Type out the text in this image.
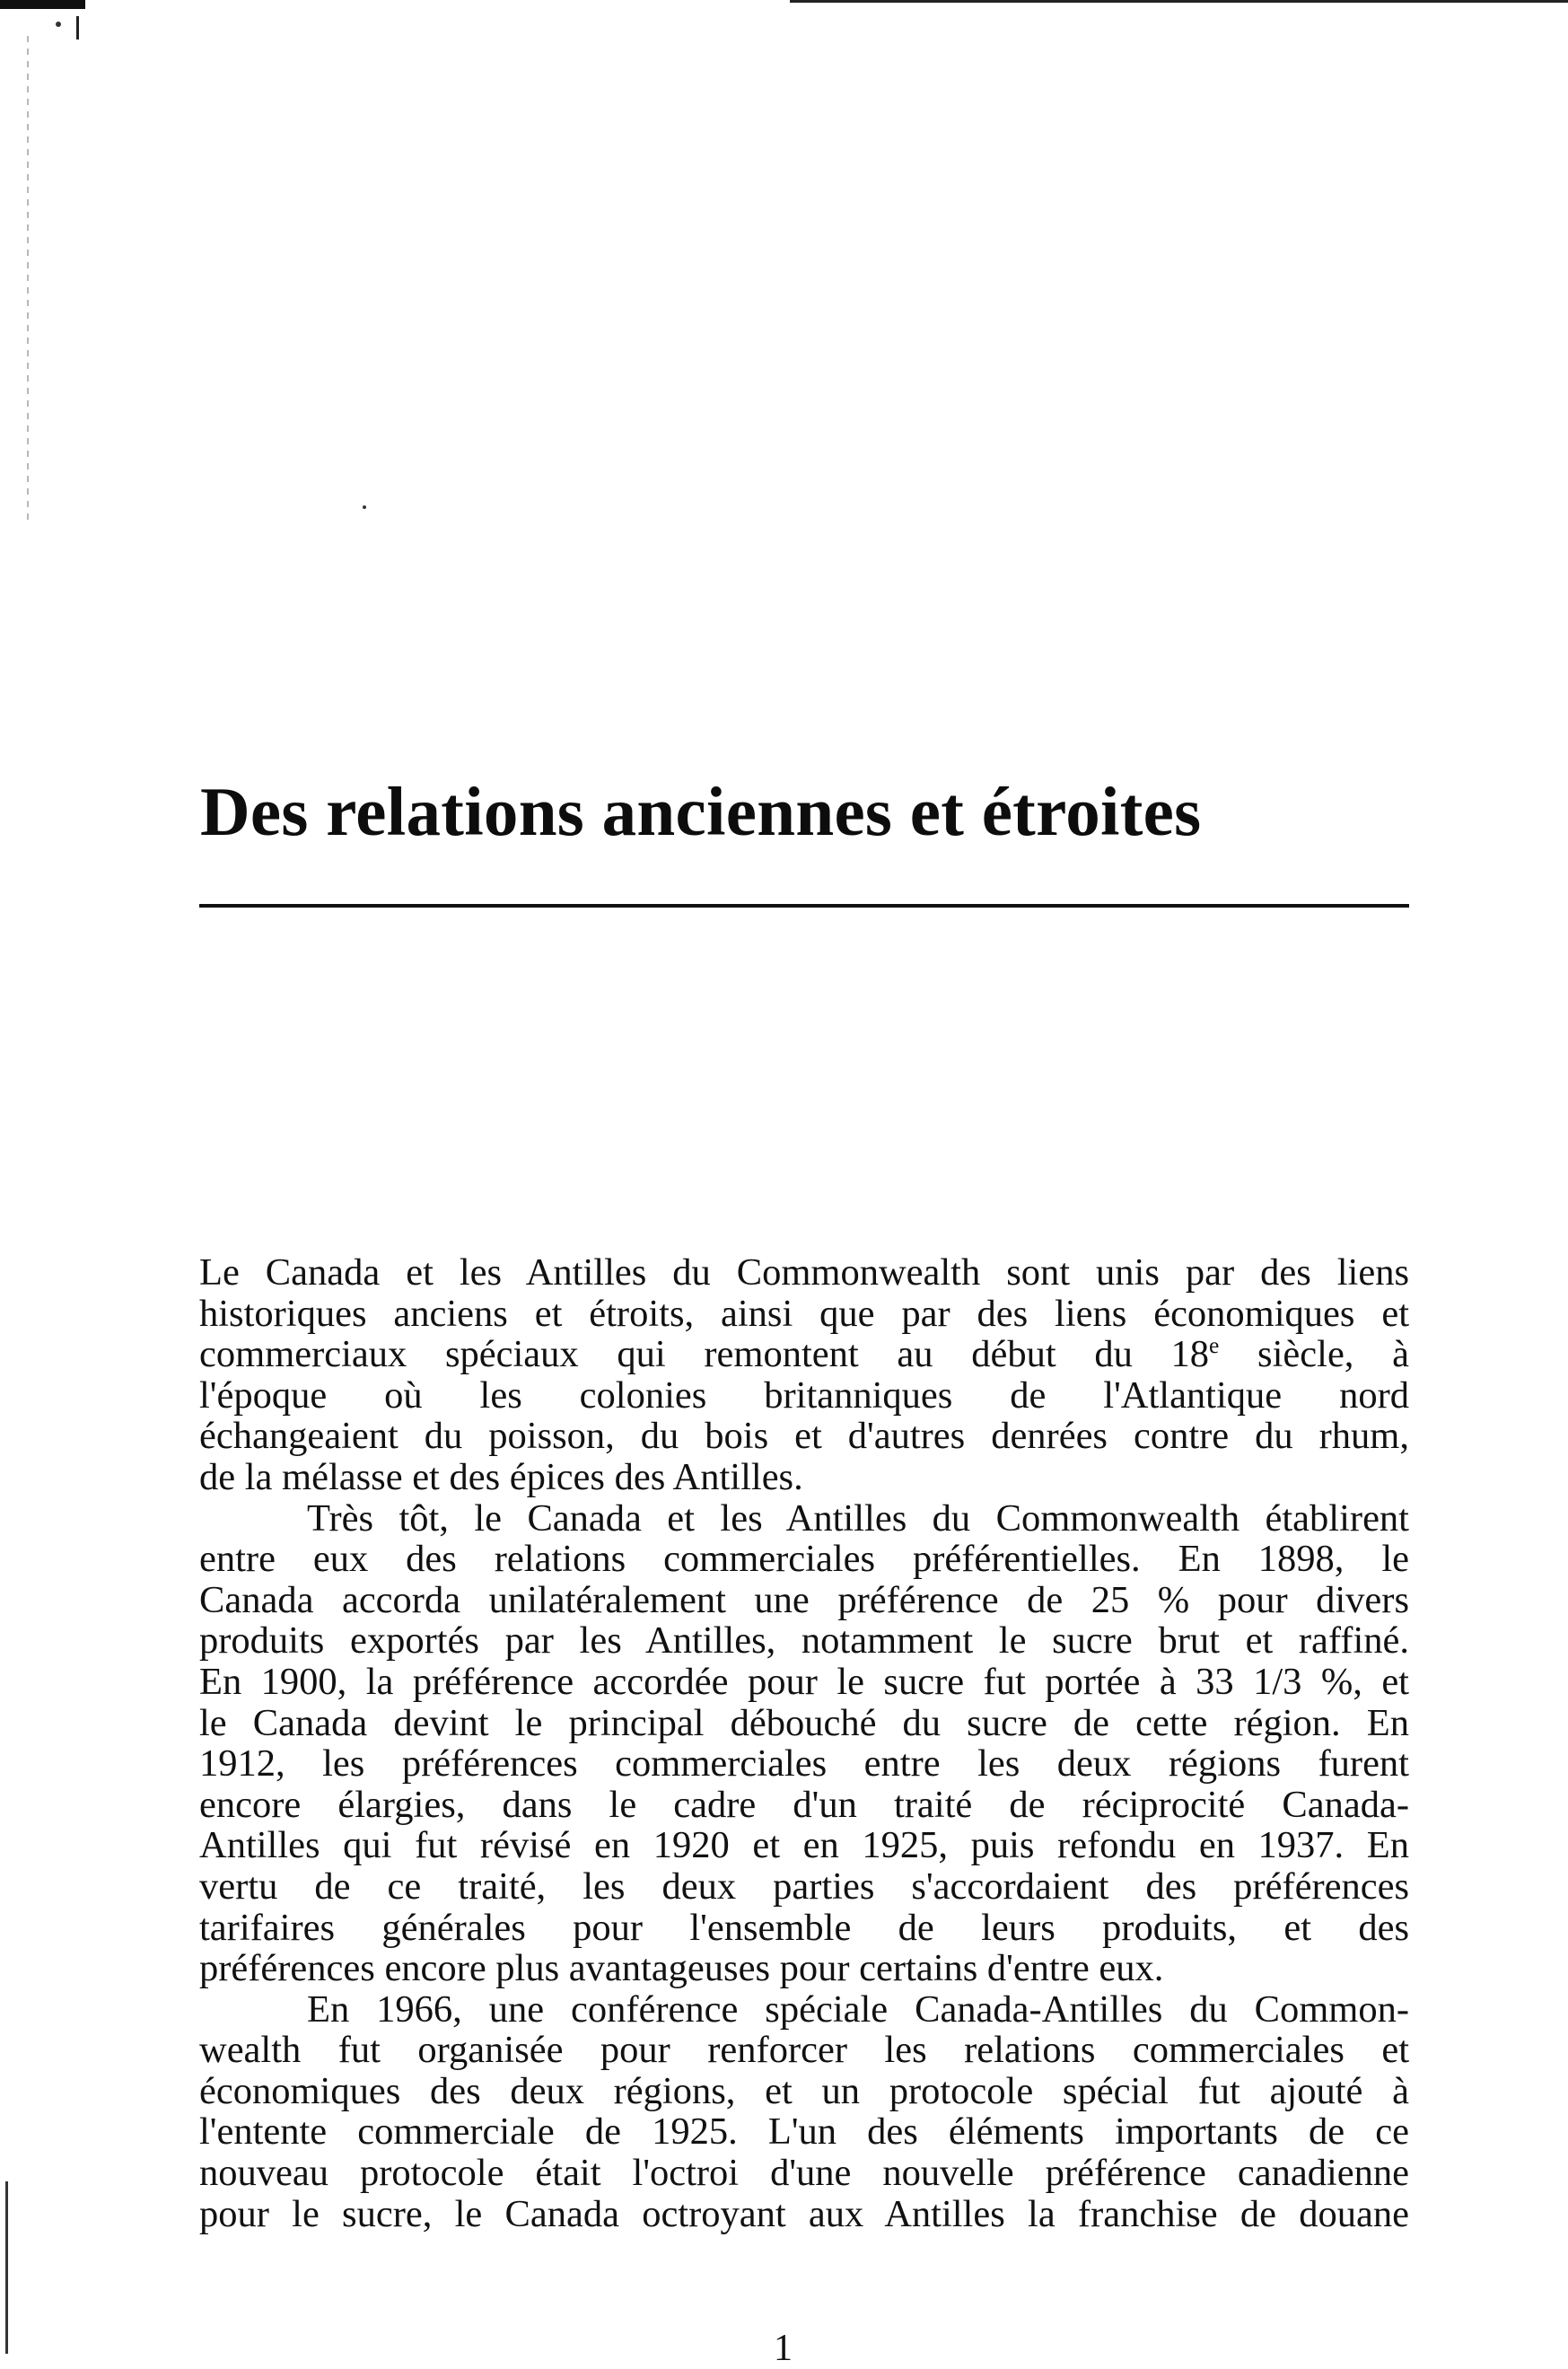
Des relations anciennes et étroites

Le Canada et les Antilles du Commonwealth sont unis par des liens
historiques anciens et étroits, ainsi que par des liens économiques et
commerciaux spéciaux qui remontent au début du 18e siècle, à
l'époque où les colonies britanniques de l'Atlantique nord
échangeaient du poisson, du bois et d'autres denrées contre du rhum,
de la mélasse et des épices des Antilles.

Très tôt, le Canada et les Antilles du Commonwealth établirent
entre eux des relations commerciales préférentielles. En 1898, le
Canada accorda unilatéralement une préférence de 25 % pour divers
produits exportés par les Antilles, notamment le sucre brut et raffiné.
En 1900, la préférence accordée pour le sucre fut portée à 33 1/3 %, et
le Canada devint le principal débouché du sucre de cette région. En
1912, les préférences commerciales entre les deux régions furent
encore élargies, dans le cadre d'un traité de réciprocité Canada-
Antilles qui fut révisé en 1920 et en 1925, puis refondu en 1937. En
vertu de ce traité, les deux parties s'accordaient des préférences
tarifaires générales pour l'ensemble de leurs produits, et des
préférences encore plus avantageuses pour certains d'entre eux.

En 1966, une conférence spéciale Canada-Antilles du Common-
wealth fut organisée pour renforcer les relations commerciales et
économiques des deux régions, et un protocole spécial fut ajouté à
l'entente commerciale de 1925. L'un des éléments importants de ce
nouveau protocole était l'octroi d'une nouvelle préférence canadienne
pour le sucre, le Canada octroyant aux Antilles la franchise de douane

1
